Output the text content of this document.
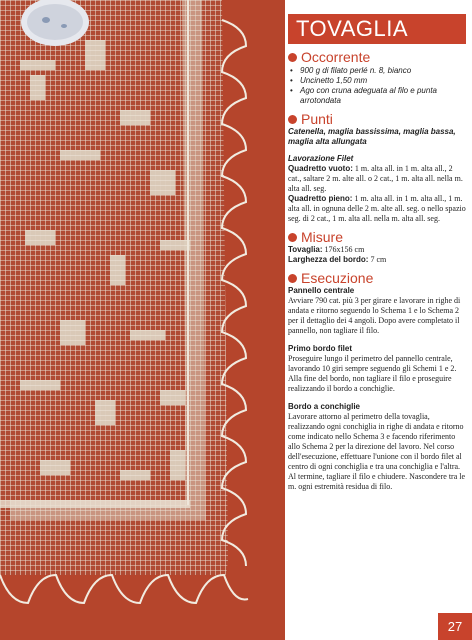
TOVAGLIA
Occorrente
• 900 g di filato perlé n. 8, bianco
• Uncinetto 1,50 mm
• Ago con cruna adeguata al filo e punta arrotondata
Punti
Catenella, maglia bassissima, maglia bassa, maglia alta allungata
Lavorazione Filet
Quadretto vuoto: 1 m. alta all. in 1 m. alta all., 2 cat., saltare 2 m. alte all. o 2 cat., 1 m. alta all. nella m. alta all. seg.
Quadretto pieno: 1 m. alta all. in 1 m. alta all., 1 m. alta all. in ognuna delle 2 m. alte all. seg. o nello spazio seg. di 2 cat., 1 m. alta all. nella m. alta all. seg.
Misure
Tovaglia: 176x156 cm
Larghezza del bordo: 7 cm
Esecuzione
Pannello centrale
Avviare 790 cat. più 3 per girare e lavorare in righe di andata e ritorno seguendo lo Schema 1 e lo Schema 2 per il dettaglio dei 4 angoli. Dopo avere completato il pannello, non tagliare il filo.
Primo bordo filet
Proseguire lungo il perimetro del pannello centrale, lavorando 10 giri sempre seguendo gli Schemi 1 e 2. Alla fine del bordo, non tagliare il filo e proseguire realizzando il bordo a conchiglie.
Bordo a conchiglie
Lavorare attorno al perimetro della tovaglia, realizzando ogni conchiglia in righe di andata e ritorno come indicato nello Schema 3 e facendo riferimento allo Schema 2 per la direzione del lavoro. Nel corso dell'esecuzione, effettuare l'unione con il bordo filet al centro di ogni conchiglia e tra una conchiglia e l'altra. Al termine, tagliare il filo e chiudere. Nascondere tra le m. ogni estremità residua di filo.
27
